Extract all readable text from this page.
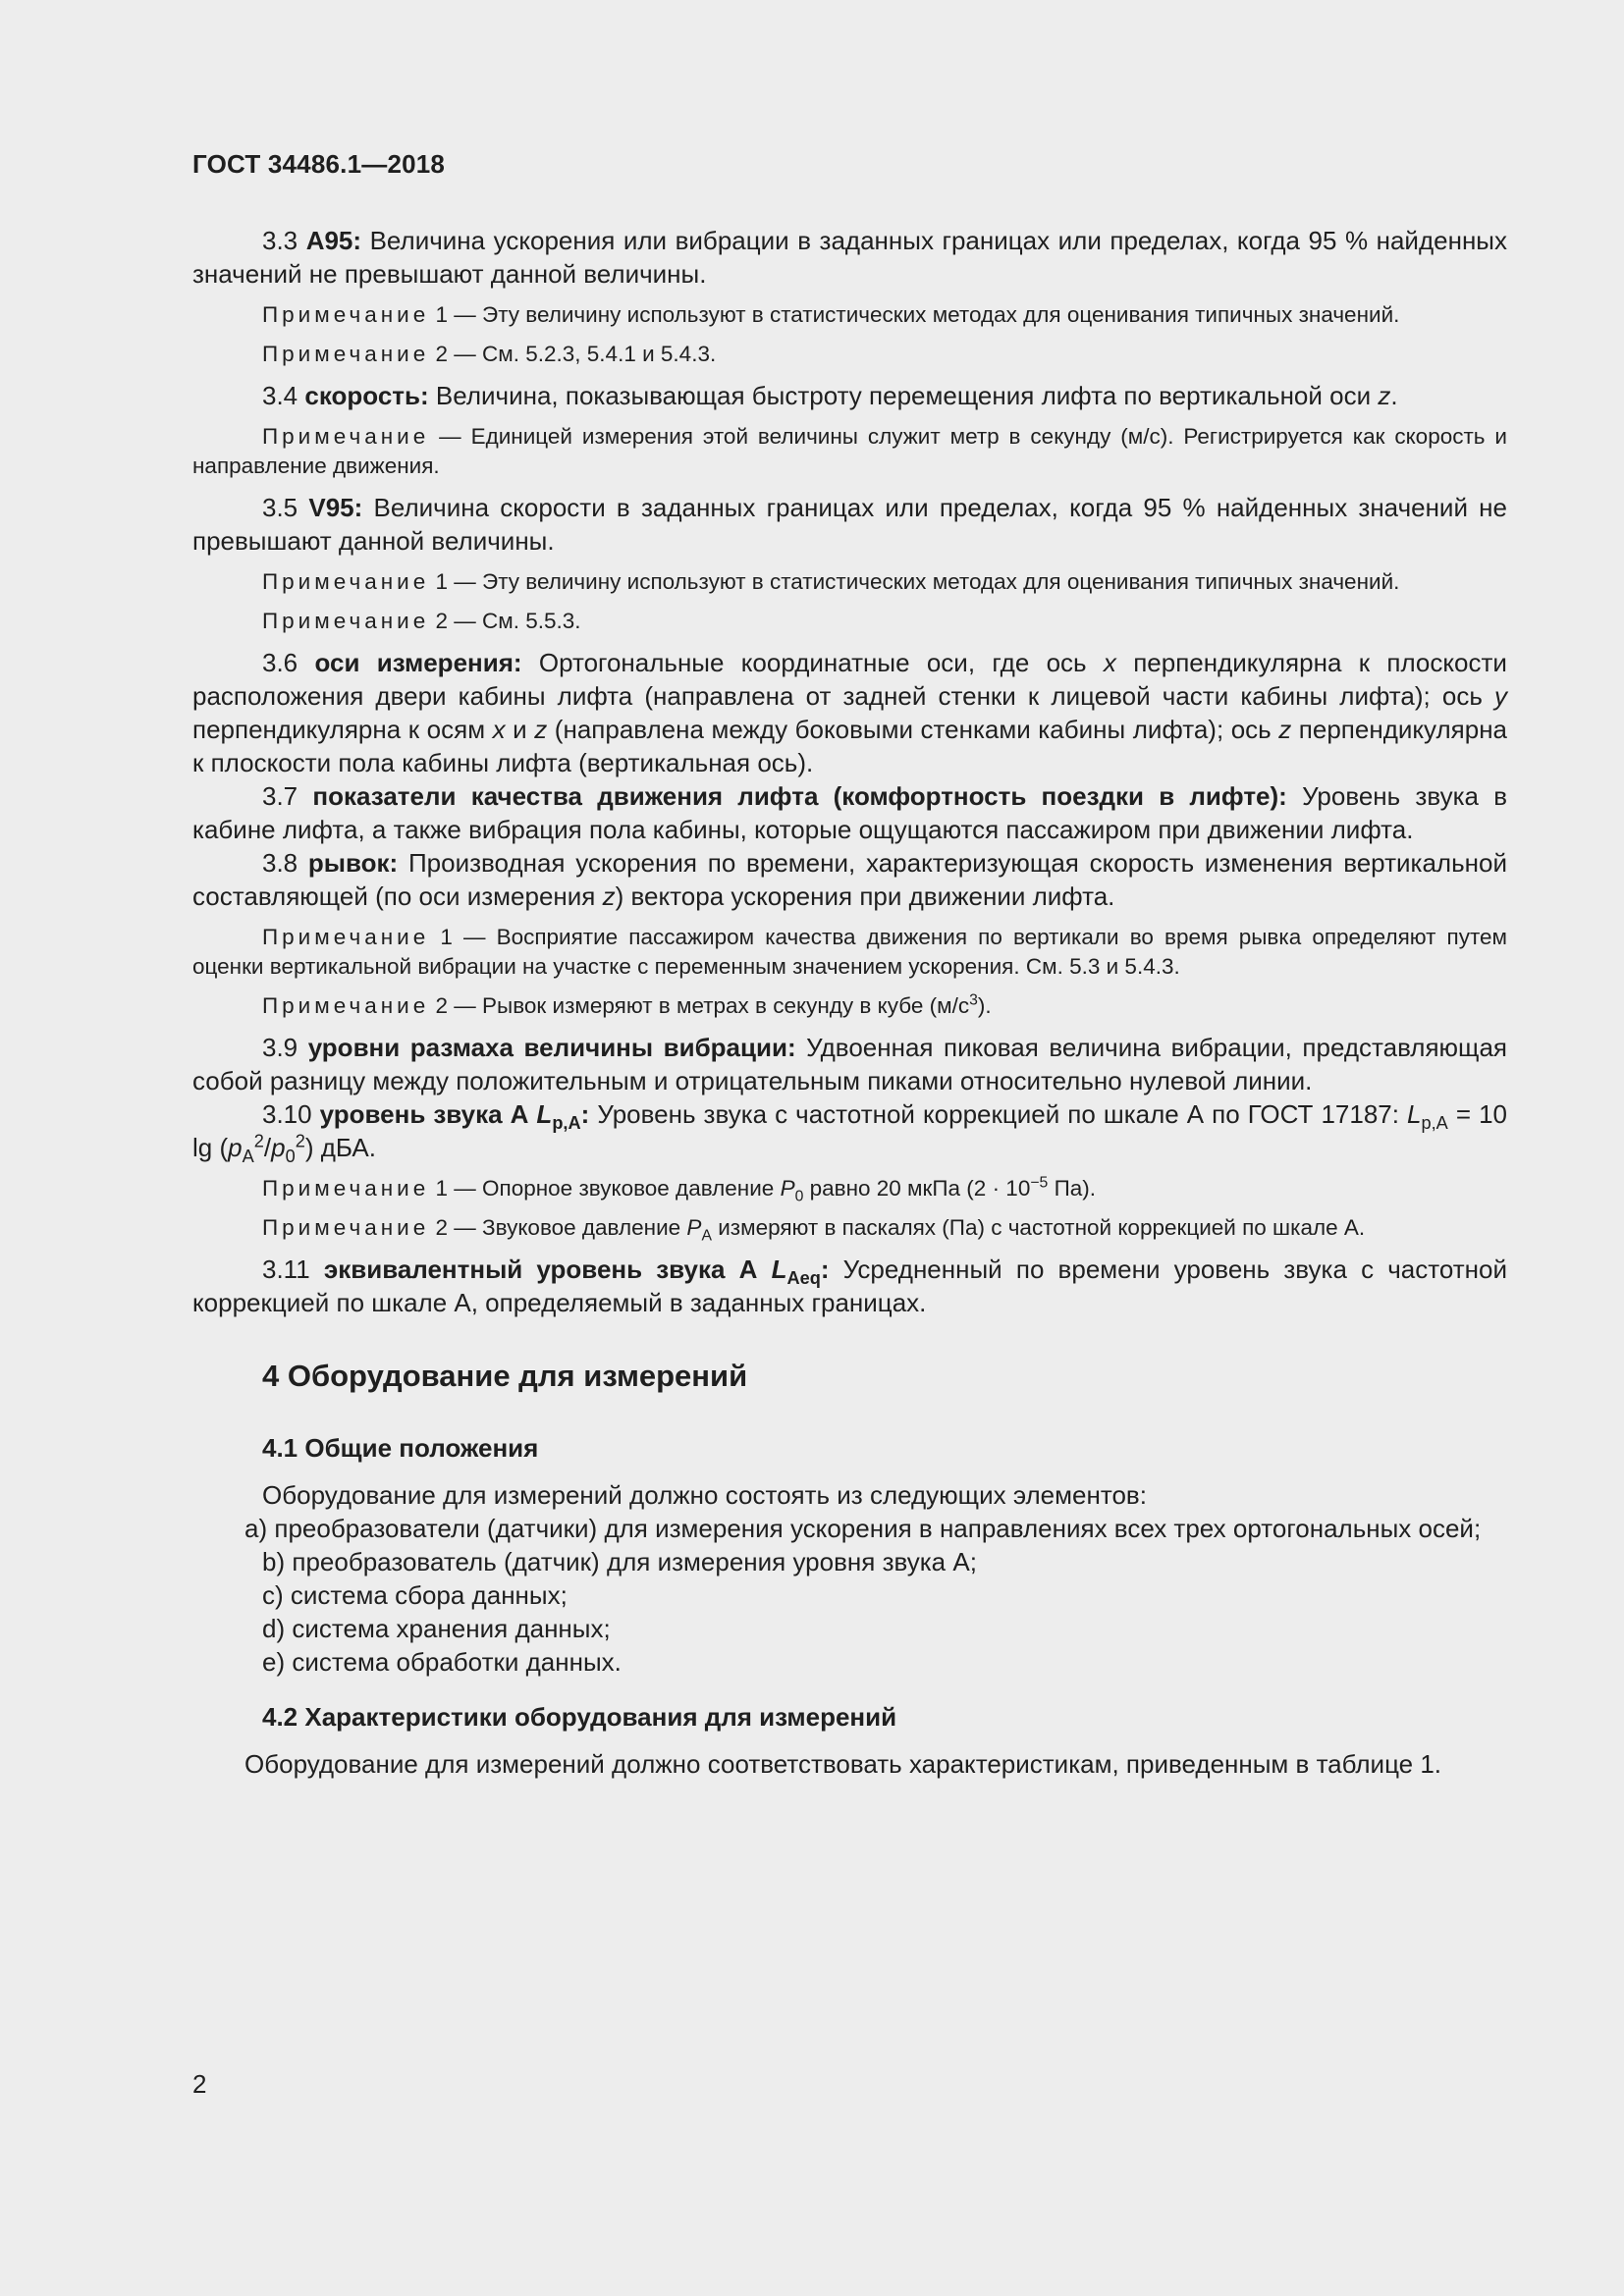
ГОСТ 34486.1—2018

3.3 A95: Величина ускорения или вибрации в заданных границах или пределах, когда 95 % найденных значений не превышают данной величины.

Примечание 1 — Эту величину используют в статистических методах для оценивания типичных значений.

Примечание 2 — См. 5.2.3, 5.4.1 и 5.4.3.

3.4 скорость: Величина, показывающая быстроту перемещения лифта по вертикальной оси z.

Примечание — Единицей измерения этой величины служит метр в секунду (м/с). Регистрируется как скорость и направление движения.

3.5 V95: Величина скорости в заданных границах или пределах, когда 95 % найденных значений не превышают данной величины.

Примечание 1 — Эту величину используют в статистических методах для оценивания типичных значений.

Примечание 2 — См. 5.5.3.

3.6 оси измерения: Ортогональные координатные оси, где ось x перпендикулярна к плоскости расположения двери кабины лифта (направлена от задней стенки к лицевой части кабины лифта); ось y перпендикулярна к осям x и z (направлена между боковыми стенками кабины лифта); ось z перпендикулярна к плоскости пола кабины лифта (вертикальная ось).

3.7 показатели качества движения лифта (комфортность поездки в лифте): Уровень звука в кабине лифта, а также вибрация пола кабины, которые ощущаются пассажиром при движении лифта.

3.8 рывок: Производная ускорения по времени, характеризующая скорость изменения вертикальной составляющей (по оси измерения z) вектора ускорения при движении лифта.

Примечание 1 — Восприятие пассажиром качества движения по вертикали во время рывка определяют путем оценки вертикальной вибрации на участке с переменным значением ускорения. См. 5.3 и 5.4.3.

Примечание 2 — Рывок измеряют в метрах в секунду в кубе $(м/с^3)$.

3.9 уровни размаха величины вибрации: Удвоенная пиковая величина вибрации, представляющая собой разницу между положительным и отрицательным пиками относительно нулевой линии.

3.10 уровень звука А $L_{p,A}$: Уровень звука с частотной коррекцией по шкале А по ГОСТ 17187: $L_{p,A} = 10$ $\lg (p_A^2/p_0^2)$ дБА.

Примечание 1 — Опорное звуковое давление $P_0$ равно 20 мкПа ($2 \cdot 10^{-5}$ Па).

Примечание 2 — Звуковое давление $P_A$ измеряют в паскалях (Па) с частотной коррекцией по шкале А.

3.11 эквивалентный уровень звука А $L_{Aeq}$: Усредненный по времени уровень звука с частотной коррекцией по шкале А, определяемый в заданных границах.

4 Оборудование для измерений

4.1 Общие положения

Оборудование для измерений должно состоять из следующих элементов:

a) преобразователи (датчики) для измерения ускорения в направлениях всех трех ортогональных осей;

b) преобразователь (датчик) для измерения уровня звука А;

c) система сбора данных;

d) система хранения данных;

e) система обработки данных.

4.2 Характеристики оборудования для измерений

Оборудование для измерений должно соответствовать характеристикам, приведенным в таблице 1.

2
